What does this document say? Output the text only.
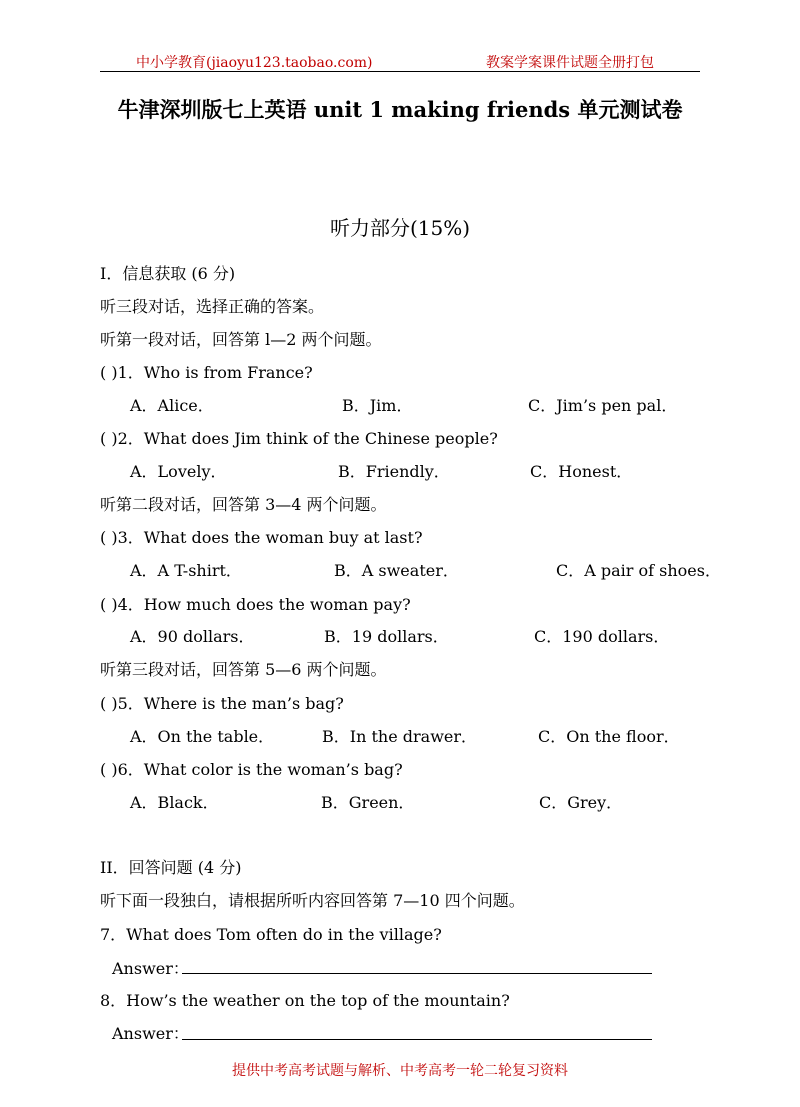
中小学教育(jiaoyu123.taobao.com)	教案学案课件试题全册打包
牛津深圳版七上英语 unit 1 making friends 单元测试卷
听力部分(15%)
I．信息获取 (6 分)
听三段对话，选择正确的答案。
听第一段对话，回答第 l—2 两个问题。
( )1．Who is from France?
A．Alice．	B．Jim．	C．Jim’s pen pal．
( )2．What does Jim think of the Chinese people?
A．Lovely．	B．Friendly．	C．Honest．
听第二段对话，回答第 3—4 两个问题。
( )3．What does the woman buy at last?
A．A T-shirt．	B．A sweater．	C．A pair of shoes．
( )4．How much does the woman pay?
A．90 dollars．	B．19 dollars．	C．190 dollars．
听第三段对话，回答第 5—6 两个问题。
( )5．Where is the man’s bag?
A．On the table．	B．In the drawer．	C．On the floor．
( )6．What color is the woman’s bag?
A．Black．	B．Green．	C．Grey．
II．回答问题 (4 分)
听下面一段独白，请根据所听内容回答第 7—10 四个问题。
7．What does Tom often do in the village?
Answer：
8．How’s the weather on the top of the mountain?
Answer：
提供中考高考试题与解析、中考高考一轮二轮复习资料
